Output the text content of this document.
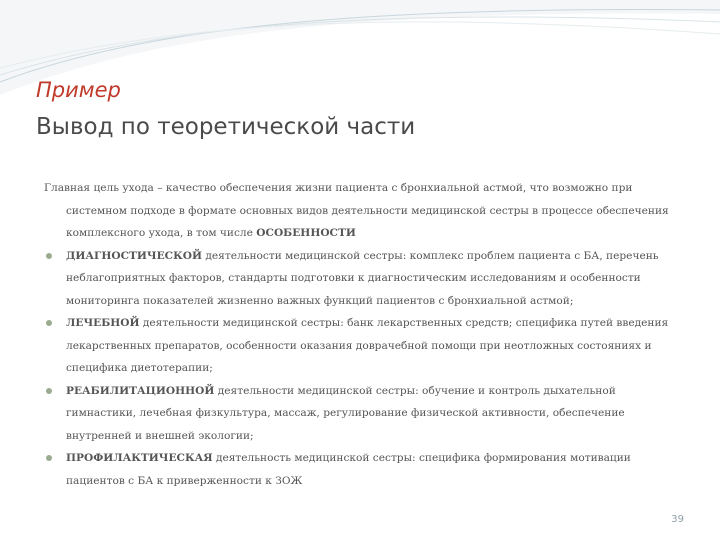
Пример
Вывод по теоретической части

Главная цель ухода – качество обеспечения жизни пациента с бронхиальной астмой, что возможно при системном подходе в формате основных видов деятельности медицинской сестры в процессе обеспечения комплексного ухода, в том числе ОСОБЕННОСТИ

ДИАГНОСТИЧЕСКОЙ деятельности медицинской сестры: комплекс проблем пациента с БА, перечень неблагоприятных факторов, стандарты подготовки к диагностическим исследованиям и особенности мониторинга показателей жизненно важных функций пациентов с бронхиальной астмой;
ЛЕЧЕБНОЙ деятельности медицинской сестры: банк лекарственных средств; специфика путей введения лекарственных препаратов, особенности оказания доврачебной помощи при неотложных состояниях и специфика диетотерапии;
РЕАБИЛИТАЦИОННОЙ деятельности медицинской сестры: обучение и контроль дыхательной гимнастики, лечебная физкультура, массаж, регулирование физической активности, обеспечение внутренней и внешней экологии;
ПРОФИЛАКТИЧЕСКАЯ деятельность медицинской сестры: специфика формирования мотивации пациентов с БА к приверженности к ЗОЖ
39
